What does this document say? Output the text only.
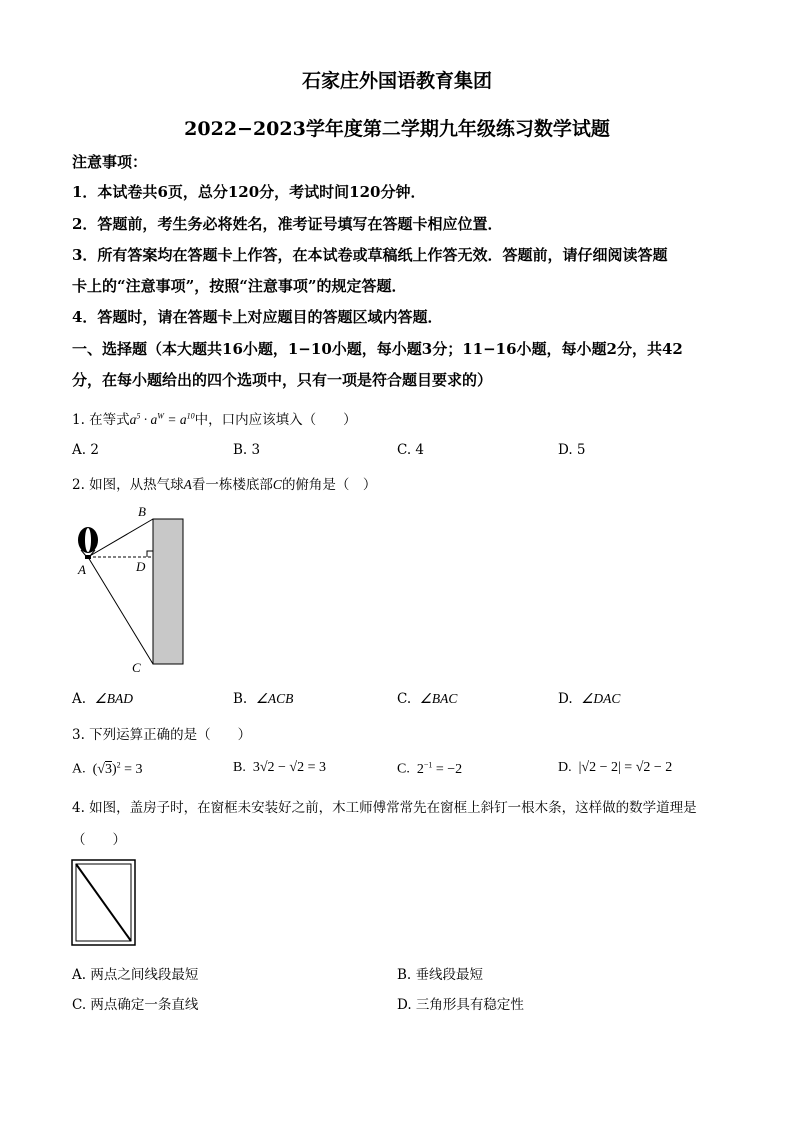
石家庄外国语教育集团
2022−2023学年度第二学期九年级练习数学试题
注意事项：
1．本试卷共6页，总分120分，考试时间120分钟．
2．答题前，考生务必将姓名，准考证号填写在答题卡相应位置．
3．所有答案均在答题卡上作答，在本试卷或草稿纸上作答无效．答题前，请仔细阅读答题
卡上的“注意事项”，按照“注意事项”的规定答题．
4．答题时，请在答题卡上对应题目的答题区域内答题．
一、选择题（本大题共16小题，1−10小题，每小题3分；11−16小题，每小题2分，共42
分，在每小题给出的四个选项中，只有一项是符合题目要求的）
1. 在等式$a^5 \cdot a^W = a^{10}$中，口内应该填入（　　）
A. 2	B. 3	C. 4	D. 5
2. 如图，从热气球A看一栋楼底部C的俯角是（　）
B
A	D
C
A. ∠BAD	B. ∠ACB	C. ∠BAC	D. ∠DAC
3. 下列运算正确的是（　　）
A. $(√3)^2 = 3$	B. 3√2 − √2 = 3	C. $2^{-1} = -2$	D. |√2 − 2| = √2 − 2
4. 如图，盖房子时，在窗框未安装好之前，木工师傅常常先在窗框上斜钉一根木条，这样做的数学道理是
（　　）
A. 两点之间线段最短	B. 垂线段最短
C. 两点确定一条直线	D. 三角形具有稳定性
